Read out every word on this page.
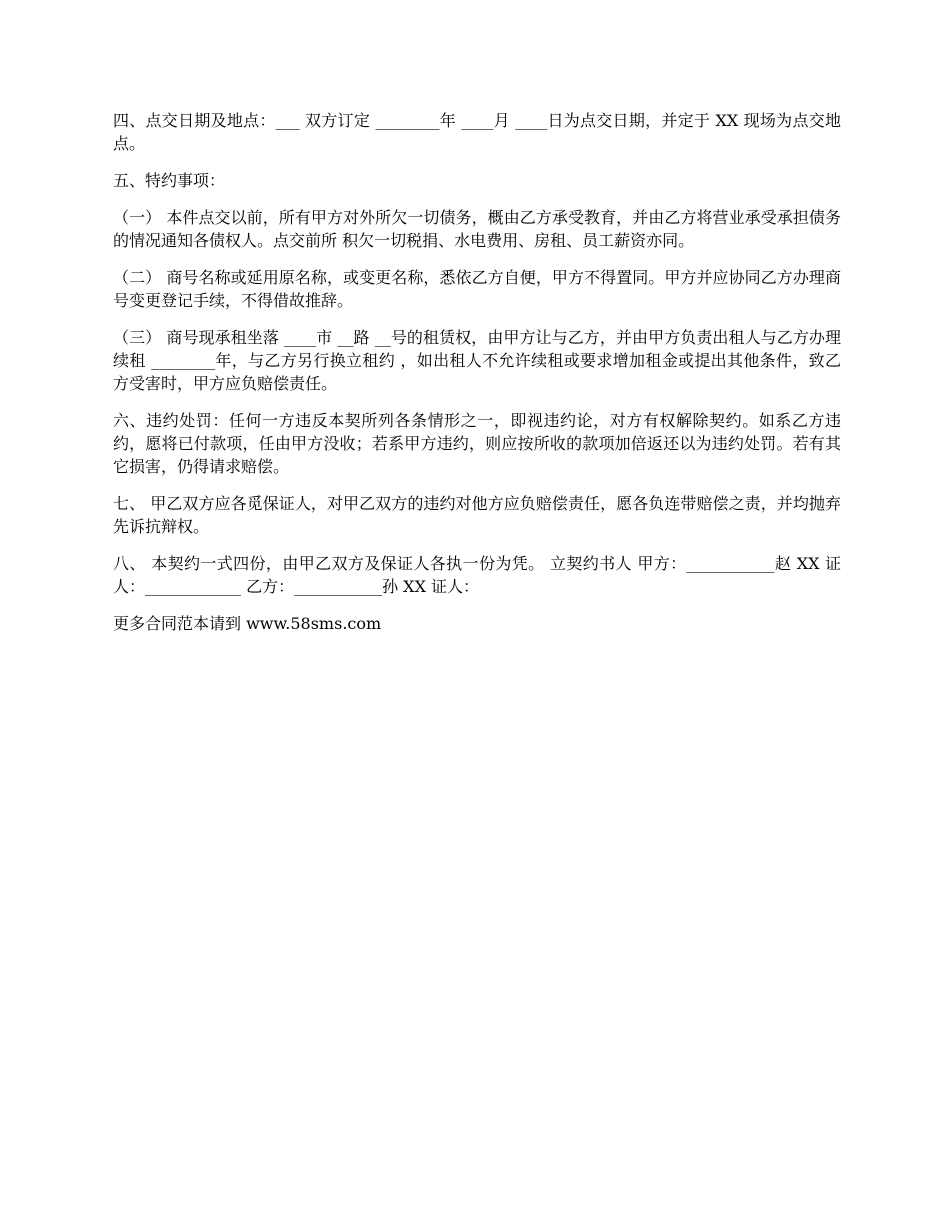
四、点交日期及地点：___ 双方订定 ________年 ____月 ____日为点交日期，并定于 XX 现场为点交地点。

五、特约事项：

（一） 本件点交以前，所有甲方对外所欠一切债务，概由乙方承受教育，并由乙方将营业承受承担债务的情况通知各债权人。点交前所 积欠一切税捐、水电费用、房租、员工薪资亦同。

（二） 商号名称或延用原名称，或变更名称，悉依乙方自便，甲方不得置同。甲方并应协同乙方办理商号变更登记手续，不得借故推辞。

（三） 商号现承租坐落 ____市 __路 __号的租赁权，由甲方让与乙方，并由甲方负责出租人与乙方办理续租 ________年，与乙方另行换立租约 ，如出租人不允许续租或要求增加租金或提出其他条件，致乙方受害时，甲方应负赔偿责任。

六、违约处罚：任何一方违反本契所列各条情形之一，即视违约论，对方有权解除契约。如系乙方违约，愿将已付款项，任由甲方没收；若系甲方违约，则应按所收的款项加倍返还以为违约处罚。若有其它损害，仍得请求赔偿。

七、 甲乙双方应各觅保证人，对甲乙双方的违约对他方应负赔偿责任，愿各负连带赔偿之责，并均抛弃先诉抗辩权。

八、 本契约一式四份，由甲乙双方及保证人各执一份为凭。 立契约书人 甲方：___________赵 XX 证人：____________ 乙方：___________孙 XX 证人：

更多合同范本请到 www.58sms.com
